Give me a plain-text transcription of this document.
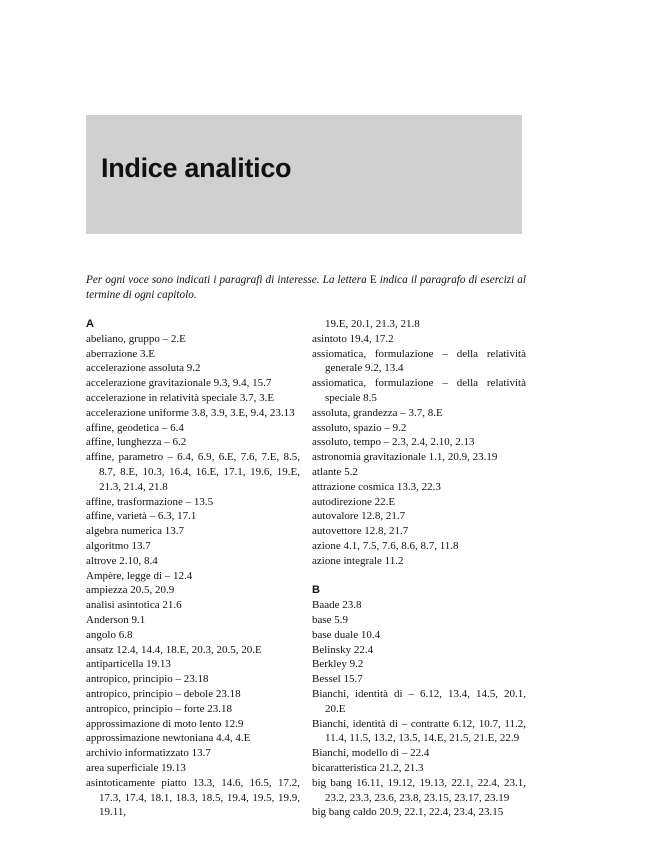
Indice analitico

Per ogni voce sono indicati i paragrafi di interesse. La lettera E indica il paragrafo di esercizi al termine di ogni capitolo.

A
abeliano, gruppo – 2.E
aberrazione 3.E
accelerazione assoluta 9.2
accelerazione gravitazionale 9.3, 9.4, 15.7
accelerazione in relatività speciale 3.7, 3.E
accelerazione uniforme 3.8, 3.9, 3.E, 9.4, 23.13
affine, geodetica – 6.4
affine, lunghezza – 6.2
affine, parametro – 6.4, 6.9, 6.E, 7.6, 7.E, 8.5, 8.7, 8.E, 10.3, 16.4, 16.E, 17.1, 19.6, 19.E, 21.3, 21.4, 21.8
affine, trasformazione – 13.5
affine, varietà – 6.3, 17.1
algebra numerica 13.7
algoritmo 13.7
altrove 2.10, 8.4
Ampère, legge di – 12.4
ampiezza 20.5, 20.9
analisi asintotica 21.6
Anderson 9.1
angolo 6.8
ansatz 12.4, 14.4, 18.E, 20.3, 20.5, 20.E
antiparticella 19.13
antropico, principio – 23.18
antropico, principio – debole 23.18
antropico, principio – forte 23.18
approssimazione di moto lento 12.9
approssimazione newtoniana 4.4, 4.E
archivio informatizzato 13.7
area superficiale 19.13
asintoticamente piatto 13.3, 14.6, 16.5, 17.2, 17.3, 17.4, 18.1, 18.3, 18.5, 19.4, 19.5, 19.9, 19.11,
19.E, 20.1, 21.3, 21.8
asintoto 19.4, 17.2
assiomatica, formulazione – della relatività generale 9.2, 13.4
assiomatica, formulazione – della relatività speciale 8.5
assoluta, grandezza – 3.7, 8.E
assoluto, spazio – 9.2
assoluto, tempo – 2.3, 2.4, 2.10, 2.13
astronomia gravitazionale 1.1, 20.9, 23.19
atlante 5.2
attrazione cosmica 13.3, 22.3
autodirezione 22.E
autovalore 12.8, 21.7
autovettore 12.8, 21.7
azione 4.1, 7.5, 7.6, 8.6, 8.7, 11.8
azione integrale 11.2
B
Baade 23.8
base 5.9
base duale 10.4
Belinsky 22.4
Berkley 9.2
Bessel 15.7
Bianchi, identità di – 6.12, 13.4, 14.5, 20.1, 20.E
Bianchi, identità di – contratte 6.12, 10.7, 11.2, 11.4, 11.5, 13.2, 13.5, 14.E, 21.5, 21.E, 22.9
Bianchi, modello di – 22.4
bicaratteristica 21.2, 21.3
big bang 16.11, 19.12, 19.13, 22.1, 22.4, 23.1, 23.2, 23.3, 23.6, 23.8, 23.15, 23.17, 23.19
big bang caldo 20.9, 22.1, 22.4, 23.4, 23.15
